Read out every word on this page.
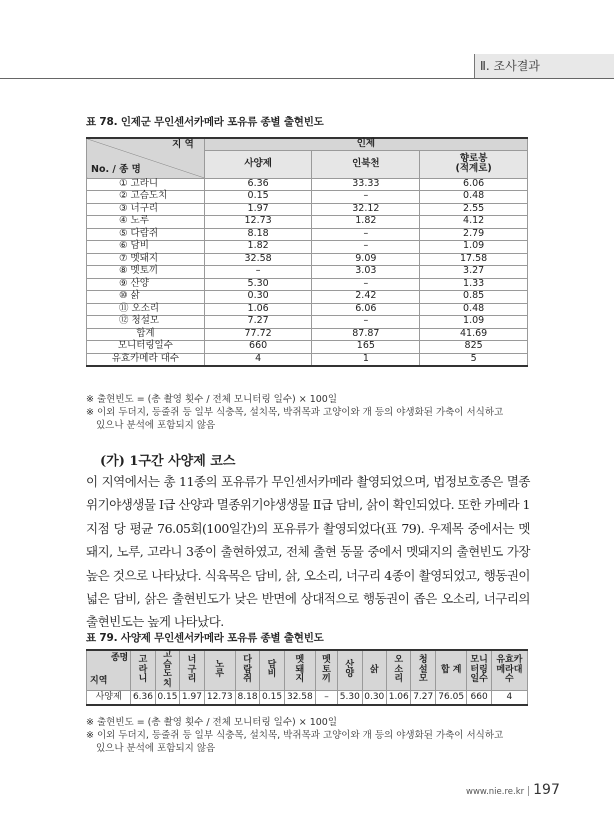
Ⅱ. 조사결과
표 78. 인제군 무인센서카메라 포유류 종별 출현빈도
지 역
No. / 종 명	인제		
	사양제	인북천	향로봉
(적계로)
① 고라니	6.36	33.33	6.06
② 고슴도치	0.15	–	0.48
③ 너구리	1.97	32.12	2.55
④ 노루	12.73	1.82	4.12
⑤ 다람쥐	8.18	–	2.79
⑥ 담비	1.82	–	1.09
⑦ 멧돼지	32.58	9.09	17.58
⑧ 멧토끼	–	3.03	3.27
⑨ 산양	5.30	–	1.33
⑩ 삵	0.30	2.42	0.85
⑪ 오소리	1.06	6.06	0.48
⑫ 청설모	7.27	–	1.09
합계	77.72	87.87	41.69
모니터링일수	660	165	825
유효카메라 대수	4	1	5
※ 출현빈도 = (총 촬영 횟수 / 전체 모니터링 일수) × 100일
※ 이외 두더지, 등줄쥐 등 일부 식충목, 설치목, 박쥐목과 고양이와 개 등의 야생화된 가축이 서식하고
있으나 분석에 포함되지 않음
(가) 1구간 사양제 코스
이 지역에서는 총 11종의 포유류가 무인센서카메라 촬영되었으며, 법정보호종은 멸종위기야생생물 Ⅰ급 산양과 멸종위기야생생물 Ⅱ급 담비, 삵이 확인되었다. 또한 카메라 1지점 당 평균 76.05회(100일간)의 포유류가 촬영되었다(표 79). 우제목 중에서는 멧돼지, 노루, 고라니 3종이 출현하였고, 전체 출현 동물 중에서 멧돼지의 출현빈도 가장 높은 것으로 나타났다. 식육목은 담비, 삵, 오소리, 너구리 4종이 촬영되었고, 행동권이 넓은 담비, 삵은 출현빈도가 낮은 반면에 상대적으로 행동권이 좁은 오소리, 너구리의 출현빈도는 높게 나타났다.
표 79. 사양제 무인센서카메라 포유류 종별 출현빈도
종명
지역	고라니	고슴도치	너구리	노루	다람쥐	담비	멧돼지	멧토끼	산양	삵	오소리	청설모	합 계	모니터링일수	유효카메라대수
사양제	6.36	0.15	1.97	12.73	8.18	0.15	32.58	–	5.30	0.30	1.06	7.27	76.05	660	4
※ 출현빈도 = (총 촬영 횟수 / 전체 모니터링 일수) × 100일
※ 이외 두더지, 등줄쥐 등 일부 식충목, 설치목, 박쥐목과 고양이와 개 등의 야생화된 가축이 서식하고
있으나 분석에 포함되지 않음
www.nie.re.kr 197
